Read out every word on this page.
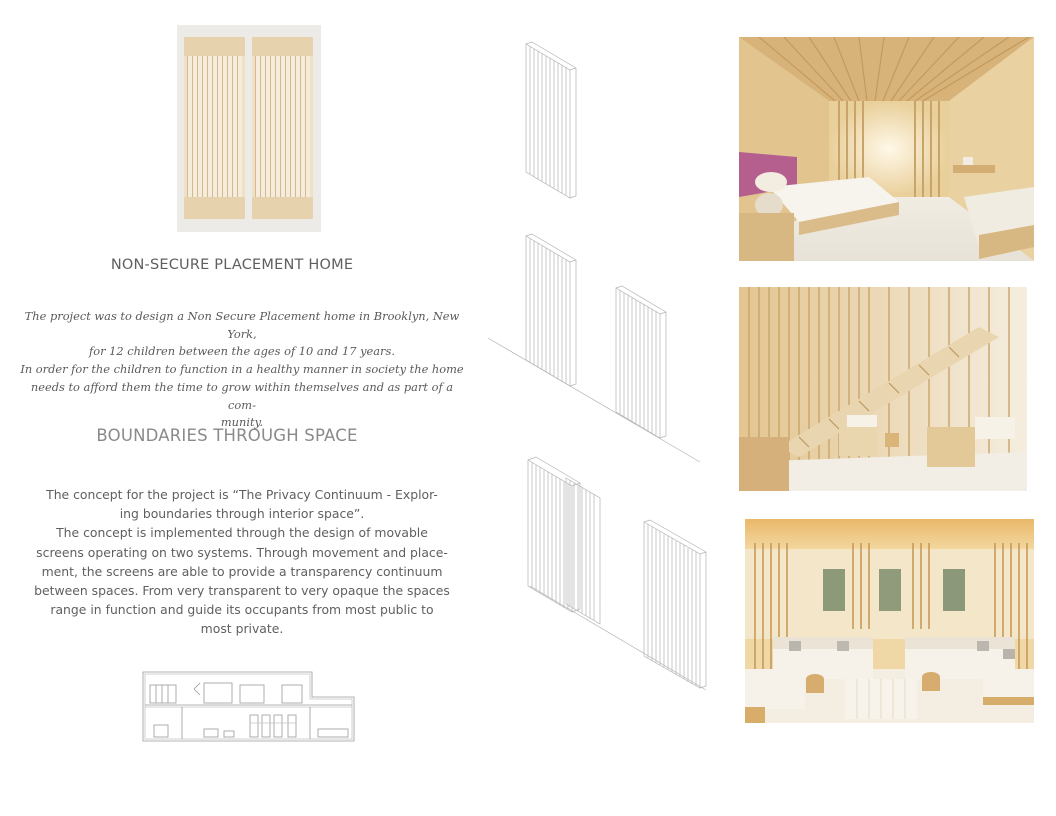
NON-SECURE PLACEMENT HOME
The project was to design a Non Secure Placement home in Brooklyn, New York,
for 12 children between the ages of 10 and 17 years.
In order for the children to function in a healthy manner in society the home
needs to afford them the time to grow within themselves and as part of a com-
munity.
BOUNDARIES THROUGH SPACE
The concept for the project is “The Privacy Continuum - Explor-
ing boundaries through interior space”.
The concept is implemented through the design of movable
screens operating on two systems. Through movement and place-
ment, the screens are able to provide a transparency continuum
between spaces. From very transparent to very opaque the spaces
range in function and guide its occupants from most public to
most private.
